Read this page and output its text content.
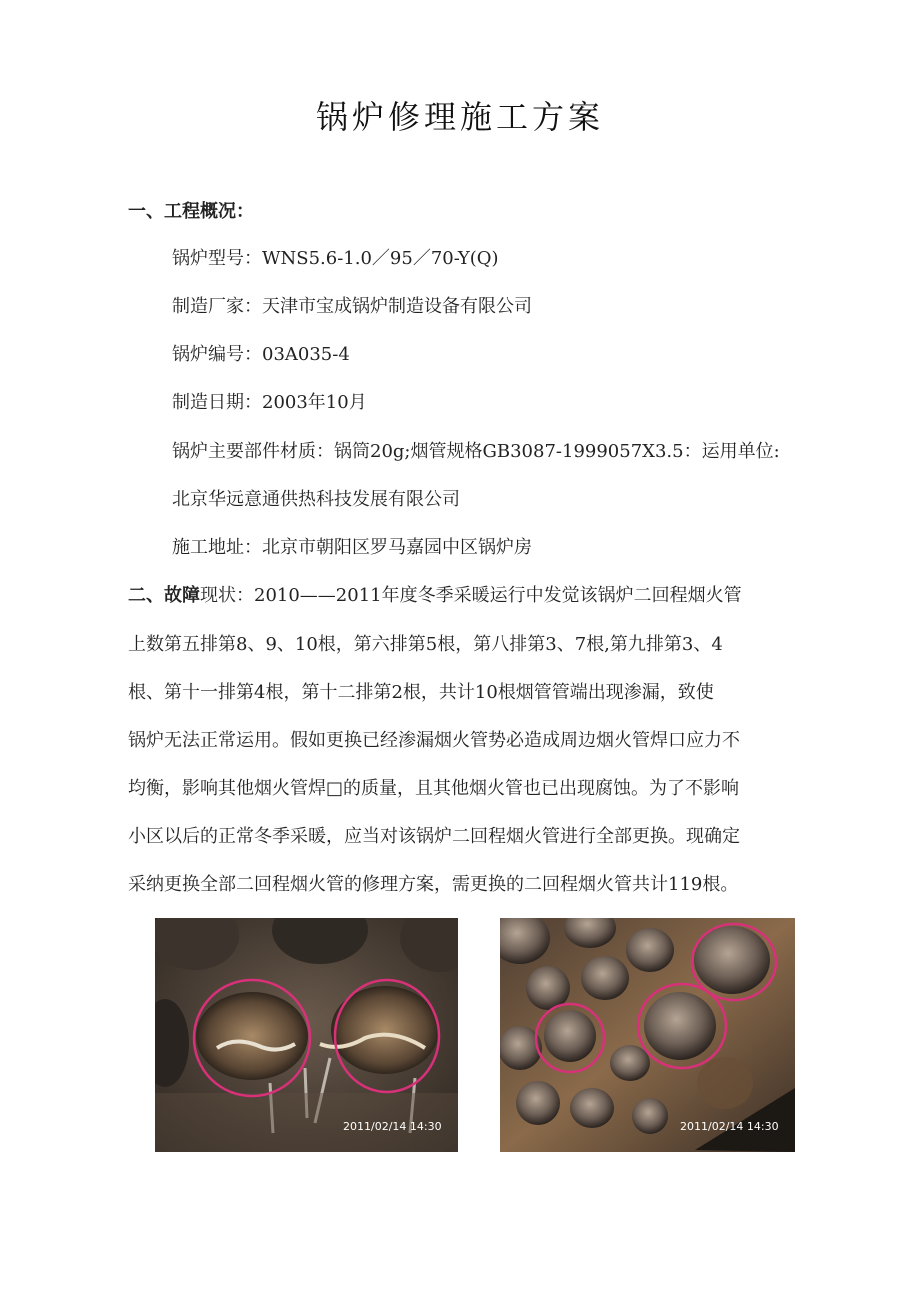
锅炉修理施工方案
一、工程概况：
锅炉型号：WNS5.6-1.0／95／70-Y(Q)
制造厂家：天津市宝成锅炉制造设备有限公司
锅炉编号：03A035-4
制造日期：2003年10月
锅炉主要部件材质：锅筒20g;烟管规格GB3087-1999057X3.5：运用单位:
北京华远意通供热科技发展有限公司
施工地址：北京市朝阳区罗马嘉园中区锅炉房
二、故障现状：2010——2011年度冬季采暖运行中发觉该锅炉二回程烟火管
上数第五排第8、9、10根，第六排第5根，第八排第3、7根,第九排第3、4
根、第十一排第4根，第十二排第2根，共计10根烟管管端出现渗漏，致使
锅炉无法正常运用。假如更换已经渗漏烟火管势必造成周边烟火管焊口应力不
均衡，影响其他烟火管焊□的质量，且其他烟火管也已出现腐蚀。为了不影响
小区以后的正常冬季采暖，应当对该锅炉二回程烟火管进行全部更换。现确定
采纳更换全部二回程烟火管的修理方案，需更换的二回程烟火管共计119根。
2011/02/14 14:30	2011/02/14 14:30
